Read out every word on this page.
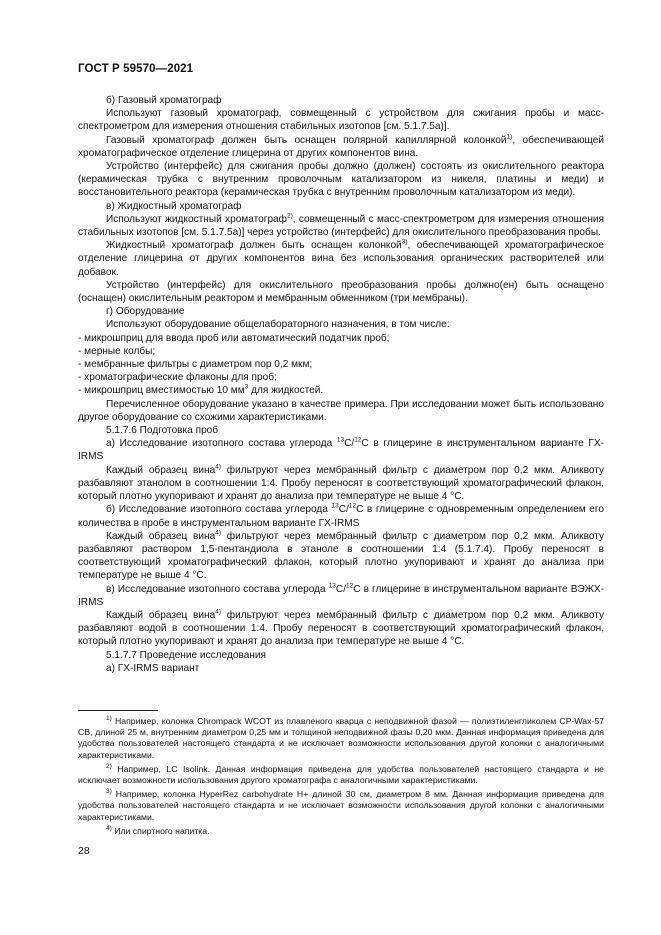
ГОСТ Р 59570—2021

б) Газовый хроматограф

Используют газовый хроматограф, совмещенный с устройством для сжигания пробы и масс-спектрометром для измерения отношения стабильных изотопов [см. 5.1.7.5а)].

Газовый хроматограф должен быть оснащен полярной капиллярной колонкой$^{1)}$, обеспечивающей хроматографическое отделение глицерина от других компонентов вина.

Устройство (интерфейс) для сжигания пробы должно (должен) состоять из окислительного реактора (керамическая трубка с внутренним проволочным катализатором из никеля, платины и меди) и восстановительного реактора (керамическая трубка с внутренним проволочным катализатором из меди).

в) Жидкостный хроматограф

Используют жидкостный хроматограф$^{2)}$, совмещенный с масс-спектрометром для измерения отношения стабильных изотопов [см. 5.1.7.5а)] через устройство (интерфейс) для окислительного преобразования пробы.

Жидкостный хроматограф должен быть оснащен колонкой$^{3)}$, обеспечивающей хроматографическое отделение глицерина от других компонентов вина без использования органических растворителей или добавок.

Устройство (интерфейс) для окислительного преобразования пробы должно(ен) быть оснащено (оснащен) окислительным реактором и мембранным обменником (три мембраны).

г) Оборудование

Используют оборудование общелабораторного назначения, в том числе:

- микрошприц для ввода проб или автоматический податчик проб;

- мерные колбы;

- мембранные фильтры с диаметром пор 0,2 мкм;

- хроматографические флаконы для проб;

- микрошприц вместимостью 10 $мм^3$ для жидкостей.

Перечисленное оборудование указано в качестве примера. При исследовании может быть использовано другое оборудование со схожими характеристиками.

5.1.7.6 Подготовка проб

а) Исследование изотопного состава углерода $^{13}$С/$^{12}$С в глицерине в инструментальном варианте ГХ-IRMS

Каждый образец вина$^{4)}$ фильтруют через мембранный фильтр с диаметром пор 0,2 мкм. Аликвоту разбавляют этанолом в соотношении 1:4. Пробу переносят в соответствующий хроматографический флакон, который плотно укупоривают и хранят до анализа при температуре не выше 4 °С.

б) Исследование изотопного состава углерода $^{13}$С/$^{12}$С в глицерине с одновременным определением его количества в пробе в инструментальном варианте ГХ-IRMS

Каждый образец вина$^{4)}$ фильтруют через мембранный фильтр с диаметром пор 0,2 мкм. Аликвоту разбавляют раствором 1,5-пентандиола в этаноле в соотношении 1:4 (5.1.7.4). Пробу переносят в соответствующий хроматографический флакон, который плотно укупоривают и хранят до анализа при температуре не выше 4 °С.

в) Исследование изотопного состава углерода $^{13}$С/$^{12}$С в глицерине в инструментальном варианте ВЭЖХ-IRMS

Каждый образец вина$^{4)}$ фильтруют через мембранный фильтр с диаметром пор 0,2 мкм. Аликвоту разбавляют водой в соотношении 1:4. Пробу переносят в соответствующий хроматографический флакон, который плотно укупоривают и хранят до анализа при температуре не выше 4 °С.

5.1.7.7 Проведение исследования

а) ГХ-IRMS вариант

$^{1)}$ Например, колонка Chrompack WCOT из плавленого кварца с неподвижной фазой — полиэтиленгликолем CP-Wax-57 CB, длиной 25 м, внутренним диаметром 0,25 мм и толщиной неподвижной фазы 0,20 мкм. Данная информация приведена для удобства пользователей настоящего стандарта и не исключает возможности использования другой колонки с аналогичными характеристиками.

$^{2)}$ Например, LC Isolink. Данная информация приведена для удобства пользователей настоящего стандарта и не исключает возможности использования другого хроматографа с аналогичными характеристиками.

$^{3)}$ Например, колонка HyperRez carbohydrate H+ длиной 30 см, диаметром 8 мм. Данная информация приведена для удобства пользователей настоящего стандарта и не исключает возможности использования другой колонки с аналогичными характеристиками.

$^{4)}$ Или спиртного напитка.

28
